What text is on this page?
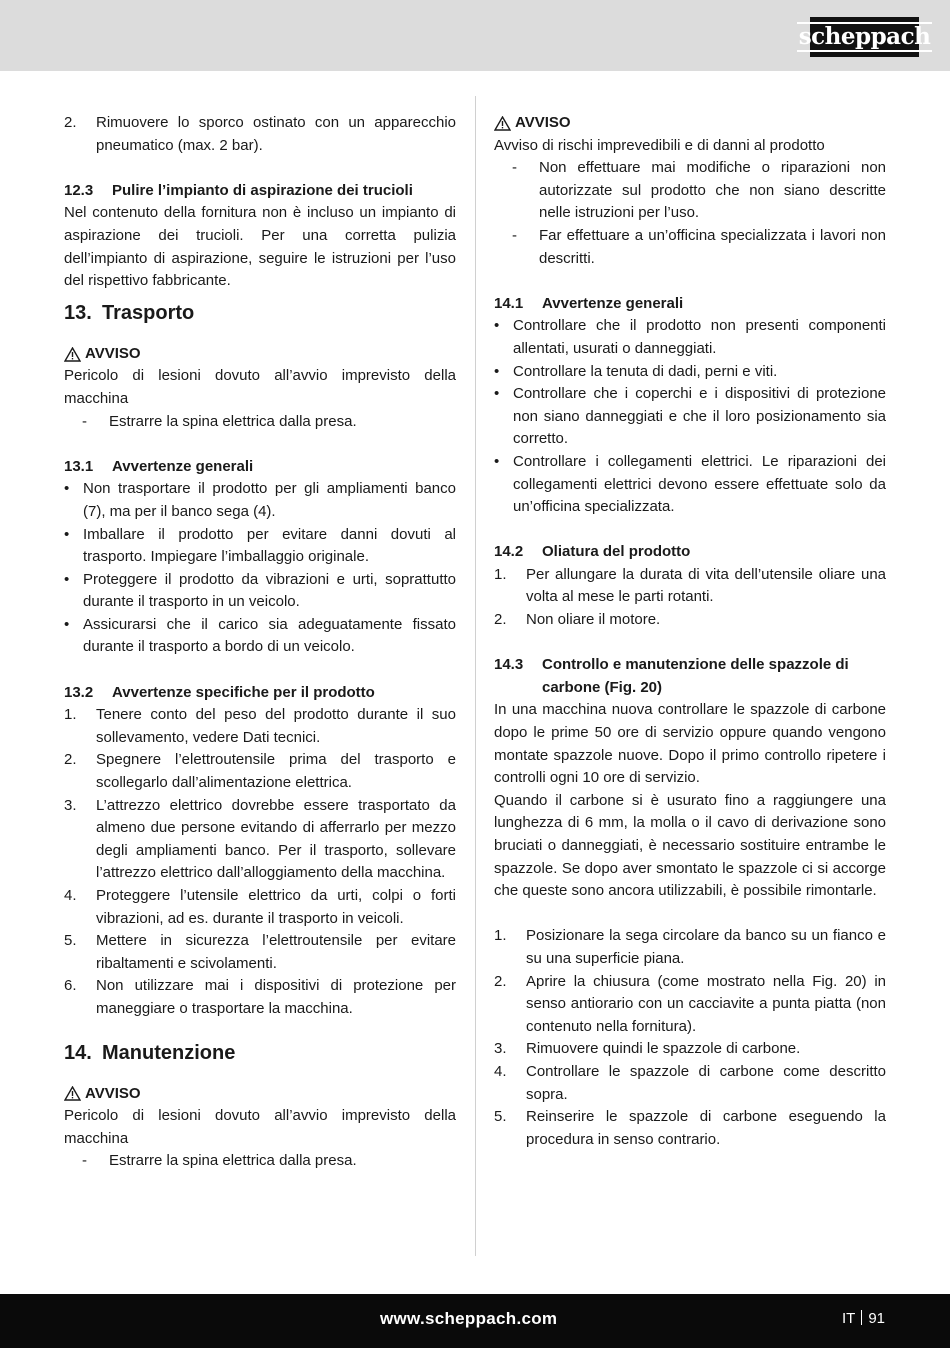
scheppach
2.	Rimuovere lo sporco ostinato con un apparecchio pneumatico (max. 2 bar).
12.3	Pulire l’impianto di aspirazione dei trucioli

Nel contenuto della fornitura non è incluso un impianto di aspirazione dei trucioli. Per una corretta pulizia dell’impianto di aspirazione, seguire le istruzioni per l’uso del rispettivo fabbricante.

13. Trasporto
AVVISO

Pericolo di lesioni dovuto all’avvio imprevisto della macchina

-	Estrarre la spina elettrica dalla presa.
13.1	Avvertenze generali
• Non trasportare il prodotto per gli ampliamenti banco (7), ma per il banco sega (4).
• Imballare il prodotto per evitare danni dovuti al trasporto. Impiegare l’imballaggio originale.
• Proteggere il prodotto da vibrazioni e urti, soprattutto durante il trasporto in un veicolo.
• Assicurarsi che il carico sia adeguatamente fissato durante il trasporto a bordo di un veicolo.
13.2	Avvertenze specifiche per il prodotto
1.	Tenere conto del peso del prodotto durante il suo sollevamento, vedere Dati tecnici.
2.	Spegnere l’elettroutensile prima del trasporto e scollegarlo dall’alimentazione elettrica.
3.	L’attrezzo elettrico dovrebbe essere trasportato da almeno due persone evitando di afferrarlo per mezzo degli ampliamenti banco. Per il trasporto, sollevare l’attrezzo elettrico dall’alloggiamento della macchina.
4.	Proteggere l’utensile elettrico da urti, colpi o forti vibrazioni, ad es. durante il trasporto in veicoli.
5.	Mettere in sicurezza l’elettroutensile per evitare ribaltamenti e scivolamenti.
6.	Non utilizzare mai i dispositivi di protezione per maneggiare o trasportare la macchina.
14. Manutenzione
AVVISO

Pericolo di lesioni dovuto all’avvio imprevisto della macchina

-	Estrarre la spina elettrica dalla presa.
AVVISO

Avviso di rischi imprevedibili e di danni al prodotto

-	Non effettuare mai modifiche o riparazioni non autorizzate sul prodotto che non siano descritte nelle istruzioni per l’uso.
-	Far effettuare a un’officina specializzata i lavori non descritti.
14.1	Avvertenze generali
• Controllare che il prodotto non presenti componenti allentati, usurati o danneggiati.
• Controllare la tenuta di dadi, perni e viti.
• Controllare che i coperchi e i dispositivi di protezione non siano danneggiati e che il loro posizionamento sia corretto.
• Controllare i collegamenti elettrici. Le riparazioni dei collegamenti elettrici devono essere effettuate solo da un’officina specializzata.
14.2	Oliatura del prodotto
1.	Per allungare la durata di vita dell’utensile oliare una volta al mese le parti rotanti.
2.	Non oliare il motore.
14.3	Controllo e manutenzione delle spazzole di carbone (Fig. 20)

In una macchina nuova controllare le spazzole di carbone dopo le prime 50 ore di servizio oppure quando vengono montate spazzole nuove. Dopo il primo controllo ripetere i controlli ogni 10 ore di servizio.

Quando il carbone si è usurato fino a raggiungere una lunghezza di 6 mm, la molla o il cavo di derivazione sono bruciati o danneggiati, è necessario sostituire entrambe le spazzole. Se dopo aver smontato le spazzole ci si accorge che queste sono ancora utilizzabili, è possibile rimontarle.

1.	Posizionare la sega circolare da banco su un fianco e su una superficie piana.
2.	Aprire la chiusura (come mostrato nella Fig. 20) in senso antiorario con un cacciavite a punta piatta (non contenuto nella fornitura).
3.	Rimuovere quindi le spazzole di carbone.
4.	Controllare le spazzole di carbone come descritto sopra.
5.	Reinserire le spazzole di carbone eseguendo la procedura in senso contrario.
www.scheppach.com	IT 91
